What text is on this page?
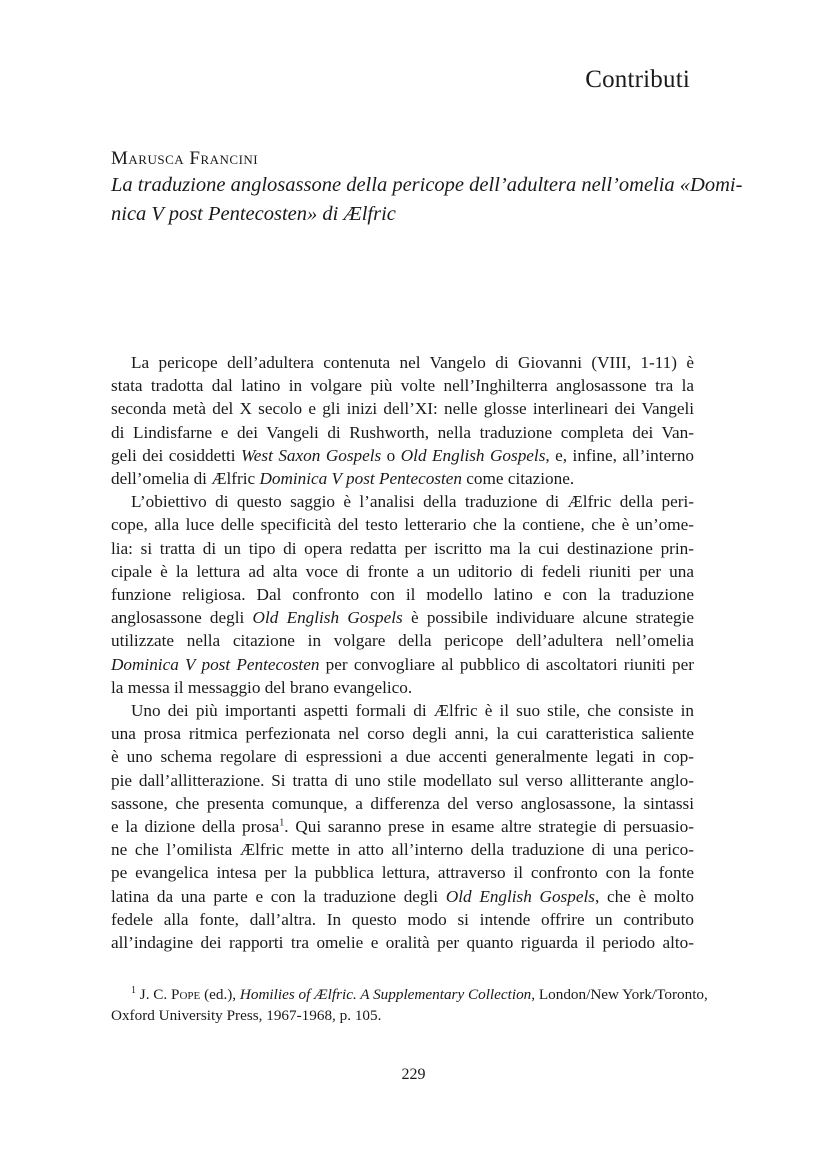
Contributi
Marusca Francini
La traduzione anglosassone della pericope dell’adultera nell’omelia «Domi-
nica V post Pentecosten» di Ælfric
La pericope dell’adultera contenuta nel Vangelo di Giovanni (VIII, 1-11) è
stata tradotta dal latino in volgare più volte nell’Inghilterra anglosassone tra la
seconda metà del X secolo e gli inizi dell’XI: nelle glosse interlineari dei Vangeli
di Lindisfarne e dei Vangeli di Rushworth, nella traduzione completa dei Van-
geli dei cosiddetti West Saxon Gospels o Old English Gospels, e, infine, all’interno
dell’omelia di Ælfric Dominica V post Pentecosten come citazione.
L’obiettivo di questo saggio è l’analisi della traduzione di Ælfric della peri-
cope, alla luce delle specificità del testo letterario che la contiene, che è un’ome-
lia: si tratta di un tipo di opera redatta per iscritto ma la cui destinazione prin-
cipale è la lettura ad alta voce di fronte a un uditorio di fedeli riuniti per una
funzione religiosa. Dal confronto con il modello latino e con la traduzione
anglosassone degli Old English Gospels è possibile individuare alcune strategie
utilizzate nella citazione in volgare della pericope dell’adultera nell’omelia
Dominica V post Pentecosten per convogliare al pubblico di ascoltatori riuniti per
la messa il messaggio del brano evangelico.
Uno dei più importanti aspetti formali di Ælfric è il suo stile, che consiste in
una prosa ritmica perfezionata nel corso degli anni, la cui caratteristica saliente
è uno schema regolare di espressioni a due accenti generalmente legati in cop-
pie dall’allitterazione. Si tratta di uno stile modellato sul verso allitterante anglo-
sassone, che presenta comunque, a differenza del verso anglosassone, la sintassi
e la dizione della prosa$^1$. Qui saranno prese in esame altre strategie di persuasio-
ne che l’omilista Ælfric mette in atto all’interno della traduzione di una perico-
pe evangelica intesa per la pubblica lettura, attraverso il confronto con la fonte
latina da una parte e con la traduzione degli Old English Gospels, che è molto
fedele alla fonte, dall’altra. In questo modo si intende offrire un contributo
all’indagine dei rapporti tra omelie e oralità per quanto riguarda il periodo alto-
$^1$ J. C. Pope (ed.), Homilies of Ælfric. A Supplementary Collection, London/New York/Toronto,
Oxford University Press, 1967-1968, p. 105.
229
